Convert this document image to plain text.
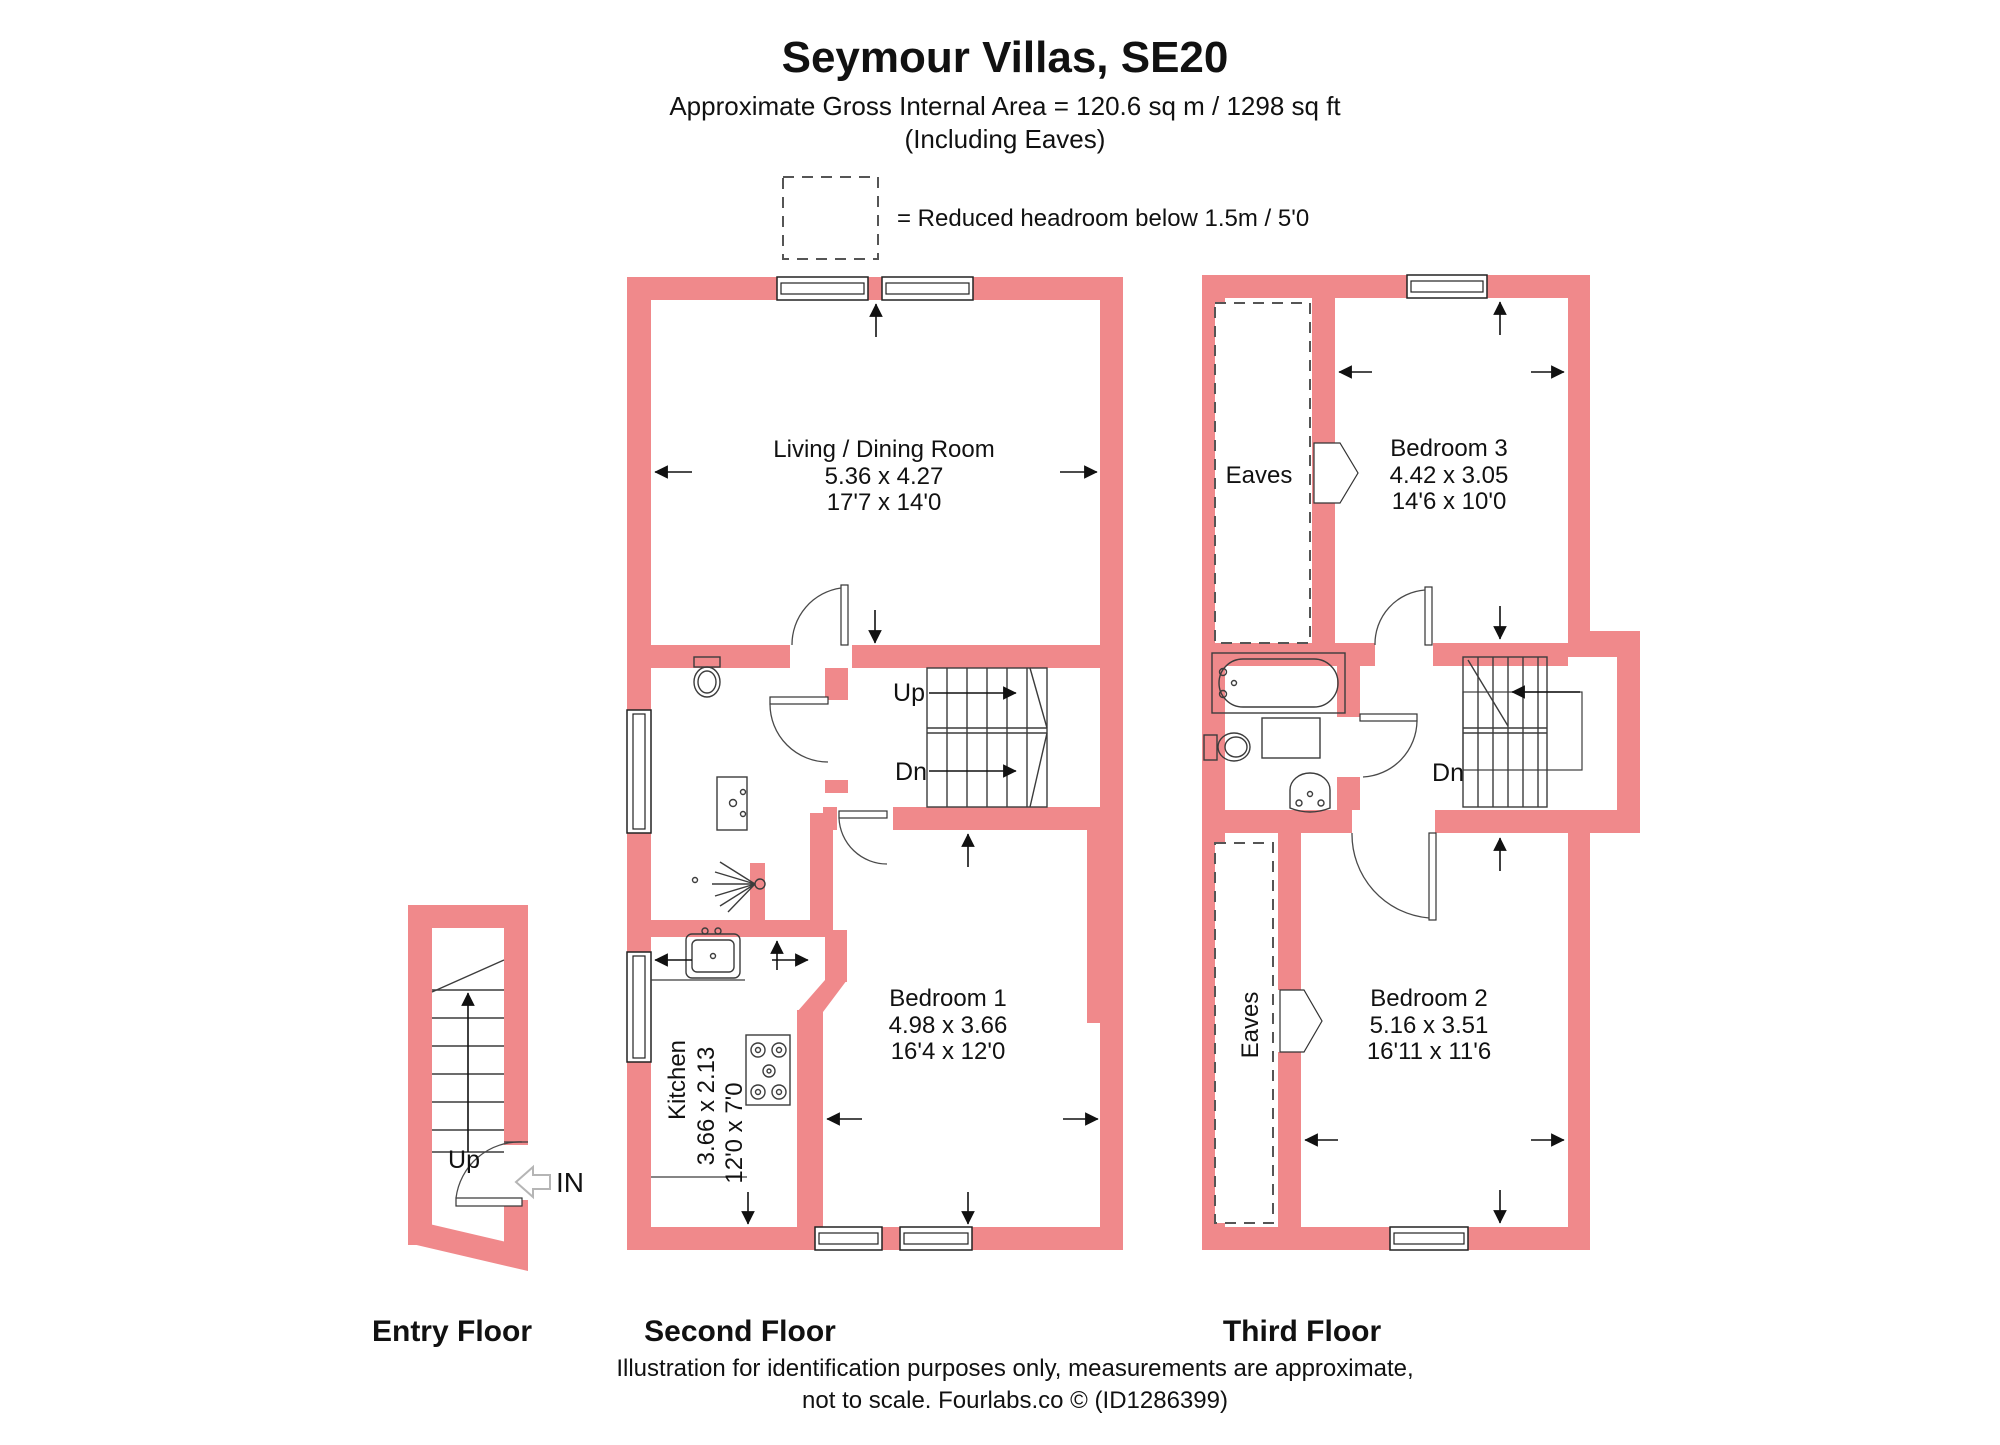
Seymour Villas, SE20
Approximate Gross Internal Area = 120.6 sq m / 1298 sq ft
(Including Eaves)
= Reduced headroom below 1.5m / 5'0
IN
Up
Entry Floor
Up
Dn
Living / Dining Room
5.36 x 4.27
17'7 x 14'0
Bedroom 1
4.98 x 3.66
16'4 x 12'0
Kitchen 3.66 x 2.13 12'0 x 7'0
Second Floor
Eaves
Eaves
Dn
Bedroom 3
4.42 x 3.05
14'6 x 10'0
Bedroom 2
5.16 x 3.51
16'11 x 11'6
Third Floor
Illustration for identification purposes only, measurements are approximate,
not to scale. Fourlabs.co © (ID1286399)
